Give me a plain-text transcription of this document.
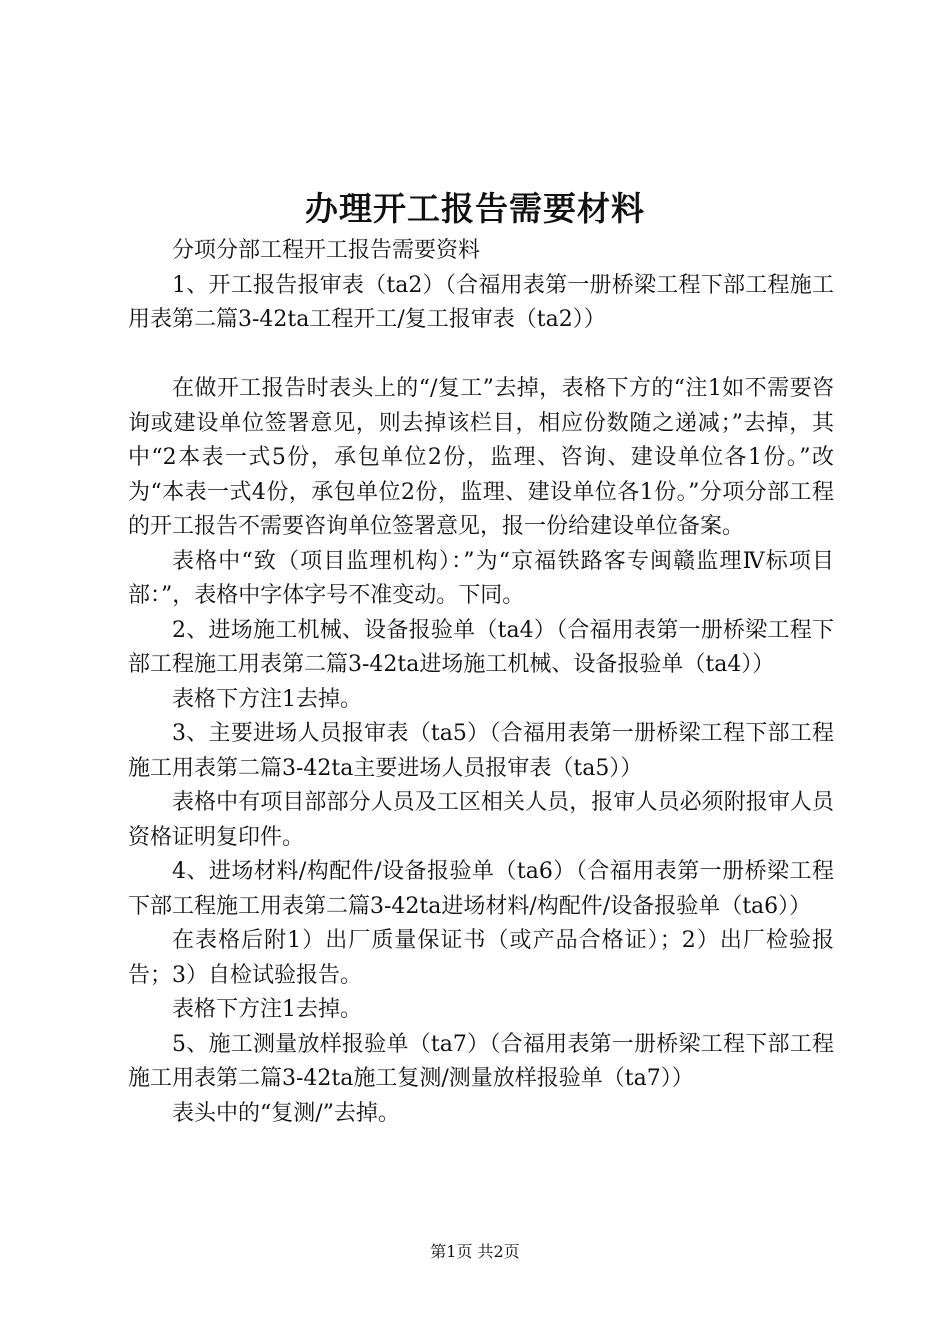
办理开工报告需要材料

分项分部工程开工报告需要资料

1、开工报告报审表（ta2）（合福用表第一册桥梁工程下部工程施工用表第二篇3-42ta工程开工/复工报审表（ta2））

在做开工报告时表头上的“/复工”去掉，表格下方的“注1如不需要咨询或建设单位签署意见，则去掉该栏目，相应份数随之递减；”去掉，其中“2本表一式5份，承包单位2份，监理、咨询、建设单位各1份。”改为“本表一式4份，承包单位2份，监理、建设单位各1份。”分项分部工程的开工报告不需要咨询单位签署意见，报一份给建设单位备案。

表格中“致（项目监理机构）：”为“京福铁路客专闽赣监理Ⅳ标项目部：”，表格中字体字号不准变动。下同。

2、进场施工机械、设备报验单（ta4）（合福用表第一册桥梁工程下部工程施工用表第二篇3-42ta进场施工机械、设备报验单（ta4））

表格下方注1去掉。

3、主要进场人员报审表（ta5）（合福用表第一册桥梁工程下部工程施工用表第二篇3-42ta主要进场人员报审表（ta5））

表格中有项目部部分人员及工区相关人员，报审人员必须附报审人员资格证明复印件。

4、进场材料/构配件/设备报验单（ta6）（合福用表第一册桥梁工程下部工程施工用表第二篇3-42ta进场材料/构配件/设备报验单（ta6））

在表格后附1）出厂质量保证书（或产品合格证）；2）出厂检验报告；3）自检试验报告。

表格下方注1去掉。

5、施工测量放样报验单（ta7）（合福用表第一册桥梁工程下部工程施工用表第二篇3-42ta施工复测/测量放样报验单（ta7））

表头中的“复测/”去掉。

第1页 共2页
